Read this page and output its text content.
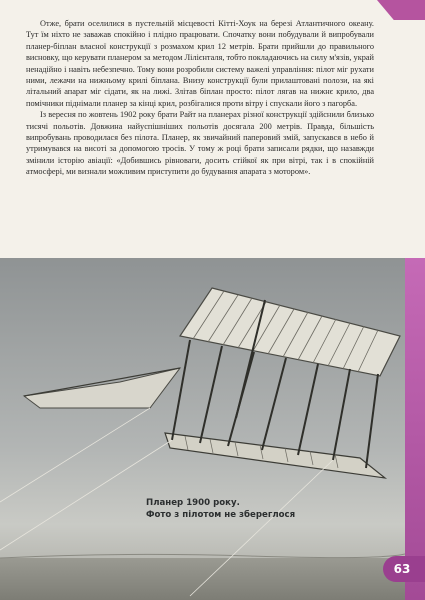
Отже, брати оселилися в пустельній місцевості Кітті-Хоук на березі Атлантичного океану. Тут їм ніхто не заважав спокійно і плідно працювати. Спочатку вони побудували й випробували планер-біплан власної конструкції з розмахом крил 12 метрів. Брати прийшли до правильного висновку, що керувати планером за методом Лілієнталя, тобто покладаючись на силу м'язів, украй ненадійно і навіть небезпечно. Тому вони розробили систему важелі управління: пілот міг рухати ними, лежачи на нижньому крилі біплана. Внизу конструкції були прилаштовані полози, на які літальний апарат міг сідати, як на лижі. Злітав біплан просто: пілот лягав на нижнє крило, два помічники піднімали планер за кінці крил, розбігалися проти вітру і спускали його з пагорба.

Із вересня по жовтень 1902 року брати Райт на планерах різної конструкції здійснили близько тисячі польотів. Довжина найуспішніших польотів досягала 200 метрів. Правда, більшість випробувань проводилася без пілота. Планер, як звичайний паперовий змій, запускався в небо й утримувався на висоті за допомогою тросів. У тому ж році брати записали рядки, що назавжди змінили історію авіації: «Добившись рівноваги, досить стійкої як при вітрі, так і в спокійній атмосфері, ми визнали можливим приступити до будування апарата з мотором».

Планер 1900 року.
Фото з пілотом не збереглося
63
